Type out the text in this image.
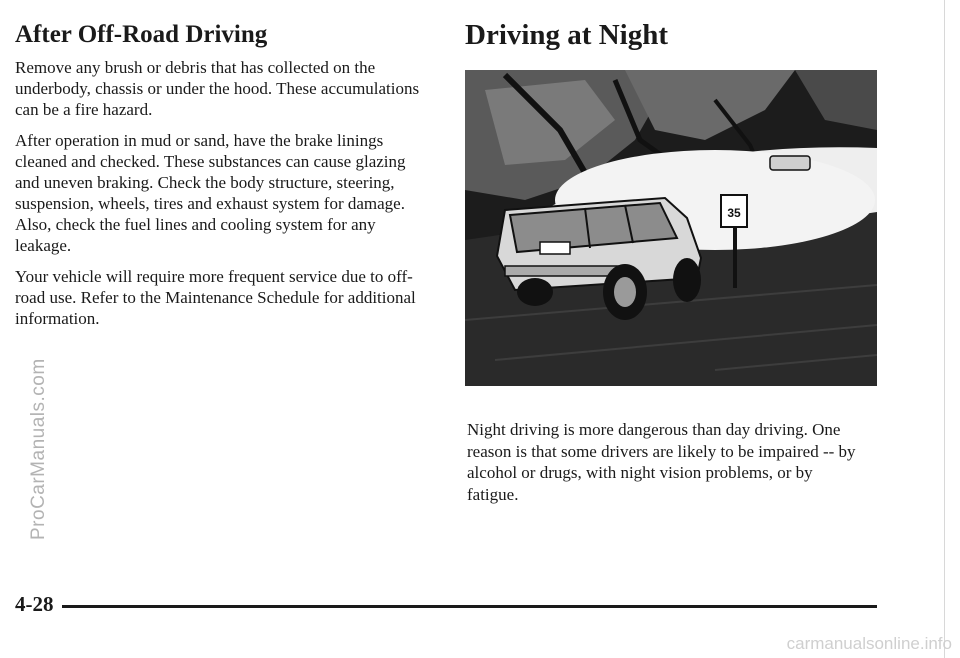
After Off-Road Driving

Remove any brush or debris that has collected on the underbody, chassis or under the hood. These accumulations can be a fire hazard.

After operation in mud or sand, have the brake linings cleaned and checked. These substances can cause glazing and uneven braking. Check the body structure, steering, suspension, wheels, tires and exhaust system for damage. Also, check the fuel lines and cooling system for any leakage.

Your vehicle will require more frequent service due to off-road use. Refer to the Maintenance Schedule for additional information.

Driving at Night
35

Night driving is more dangerous than day driving. One reason is that some drivers are likely to be impaired -- by alcohol or drugs, with night vision problems, or by fatigue.

ProCarManuals.com

4-28

carmanualsonline.info
